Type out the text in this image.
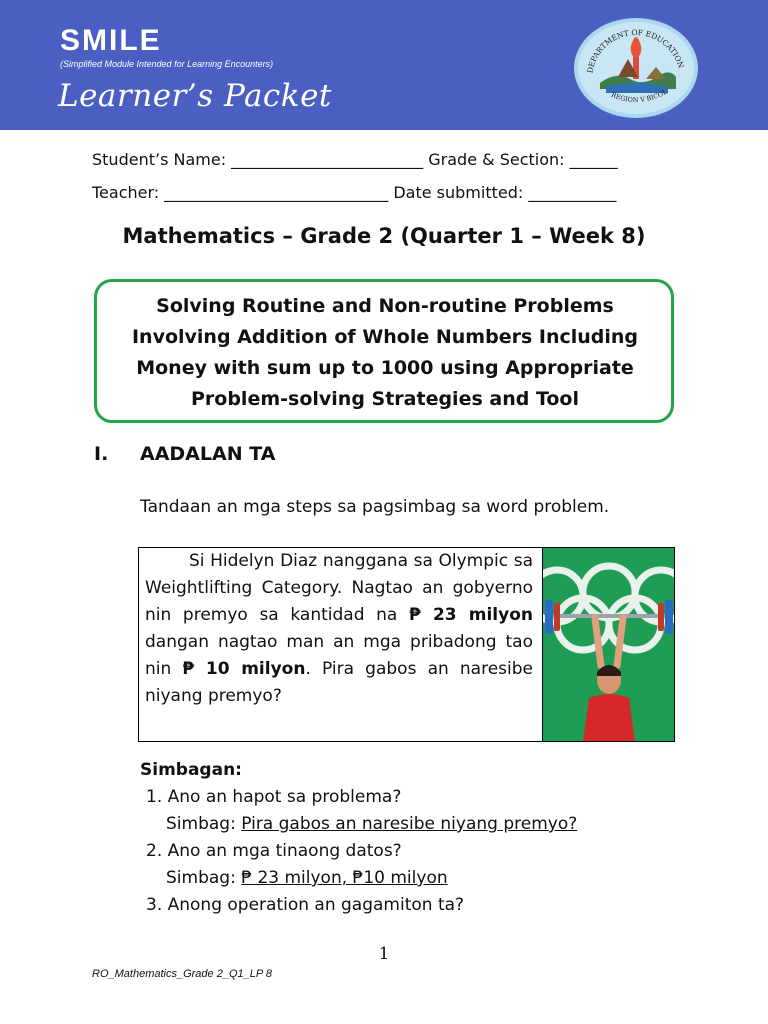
SMILE
(Simplified Module Intended for Learning Encounters)
Learner’s Packet
DEPARTMENT OF EDUCATION
REGION V BICOL
Student’s Name: ________________________ Grade & Section: ______
Teacher: ____________________________ Date submitted: ___________
Mathematics – Grade 2 (Quarter 1 – Week 8)
Solving Routine and Non-routine Problems
Involving Addition of Whole Numbers Including
Money with sum up to 1000 using Appropriate
Problem-solving Strategies and Tool
I. AADALAN TA
Tandaan an mga steps sa pagsimbag sa word problem.
Si Hidelyn Diaz nanggana sa Olympic sa Weightlifting Category. Nagtao an gobyerno nin premyo sa kantidad na ₱ 23 milyon dangan nagtao man an mga pribadong tao nin ₱ 10 milyon. Pira gabos an naresibe niyang premyo?
Simbagan:
1. Ano an hapot sa problema?
Simbag: Pira gabos an naresibe niyang premyo?
2. Ano an mga tinaong datos?
Simbag: ₱ 23 milyon, ₱10 milyon
3. Anong operation an gagamiton ta?
1
RO_Mathematics_Grade 2_Q1_LP 8
